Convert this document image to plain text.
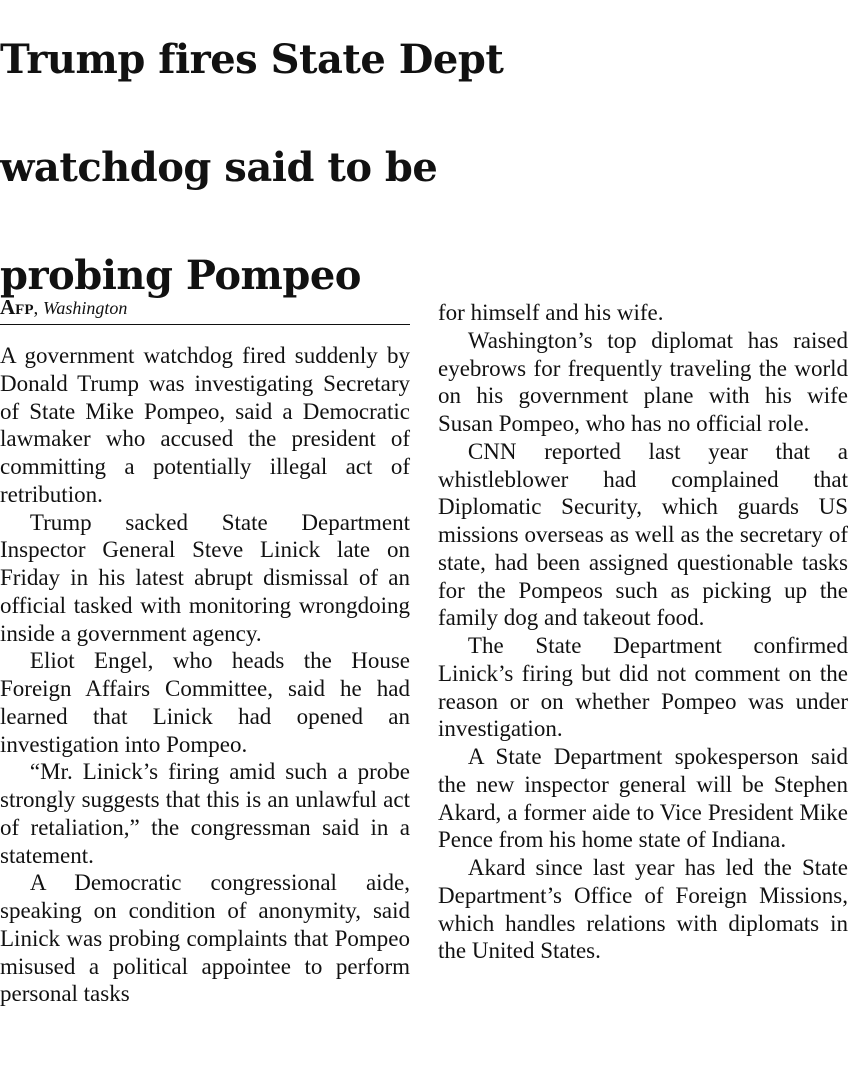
Trump fires State Dept
watchdog said to be
probing Pompeo
Afp, Washington

A government watchdog fired suddenly by Donald Trump was investigating Secretary of State Mike Pompeo, said a Democratic lawmaker who accused the president of committing a potentially illegal act of retribution.

Trump sacked State Department Inspector General Steve Linick late on Friday in his latest abrupt dismissal of an official tasked with monitoring wrongdoing inside a government agency.

Eliot Engel, who heads the House Foreign Affairs Committee, said he had learned that Linick had opened an investigation into Pompeo.

“Mr. Linick’s firing amid such a probe strongly suggests that this is an unlawful act of retaliation,” the congressman said in a statement.

A Democratic congressional aide, speaking on condition of anonymity, said Linick was probing complaints that Pompeo misused a political appointee to perform personal tasks

for himself and his wife.

Washington’s top diplomat has raised eyebrows for frequently traveling the world on his government plane with his wife Susan Pompeo, who has no official role.

CNN reported last year that a whistleblower had complained that Diplomatic Security, which guards US missions overseas as well as the secretary of state, had been assigned questionable tasks for the Pompeos such as picking up the family dog and takeout food.

The State Department confirmed Linick’s firing but did not comment on the reason or on whether Pompeo was under investigation.

A State Department spokesperson said the new inspector general will be Stephen Akard, a former aide to Vice President Mike Pence from his home state of Indiana.

Akard since last year has led the State Department’s Office of Foreign Missions, which handles relations with diplomats in the United States.
